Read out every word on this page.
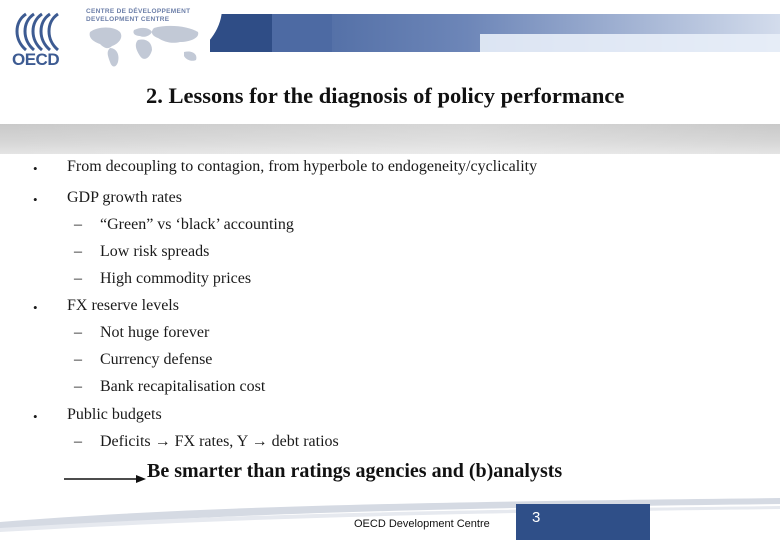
OECD
CENTRE DE DÉVELOPPEMENT
DEVELOPMENT CENTRE
2. Lessons for the diagnosis of policy performance
• From decoupling to contagion, from hyperbole to endogeneity/cyclicality
• GDP growth rates
– “Green” vs ‘black’ accounting
– Low risk spreads
– High commodity prices
• FX reserve levels
– Not huge forever
– Currency defense
– Bank recapitalisation cost
• Public budgets
– Deficits → FX rates, Y → debt ratios
Be smarter than ratings agencies and (b)analysts
OECD Development Centre	3
